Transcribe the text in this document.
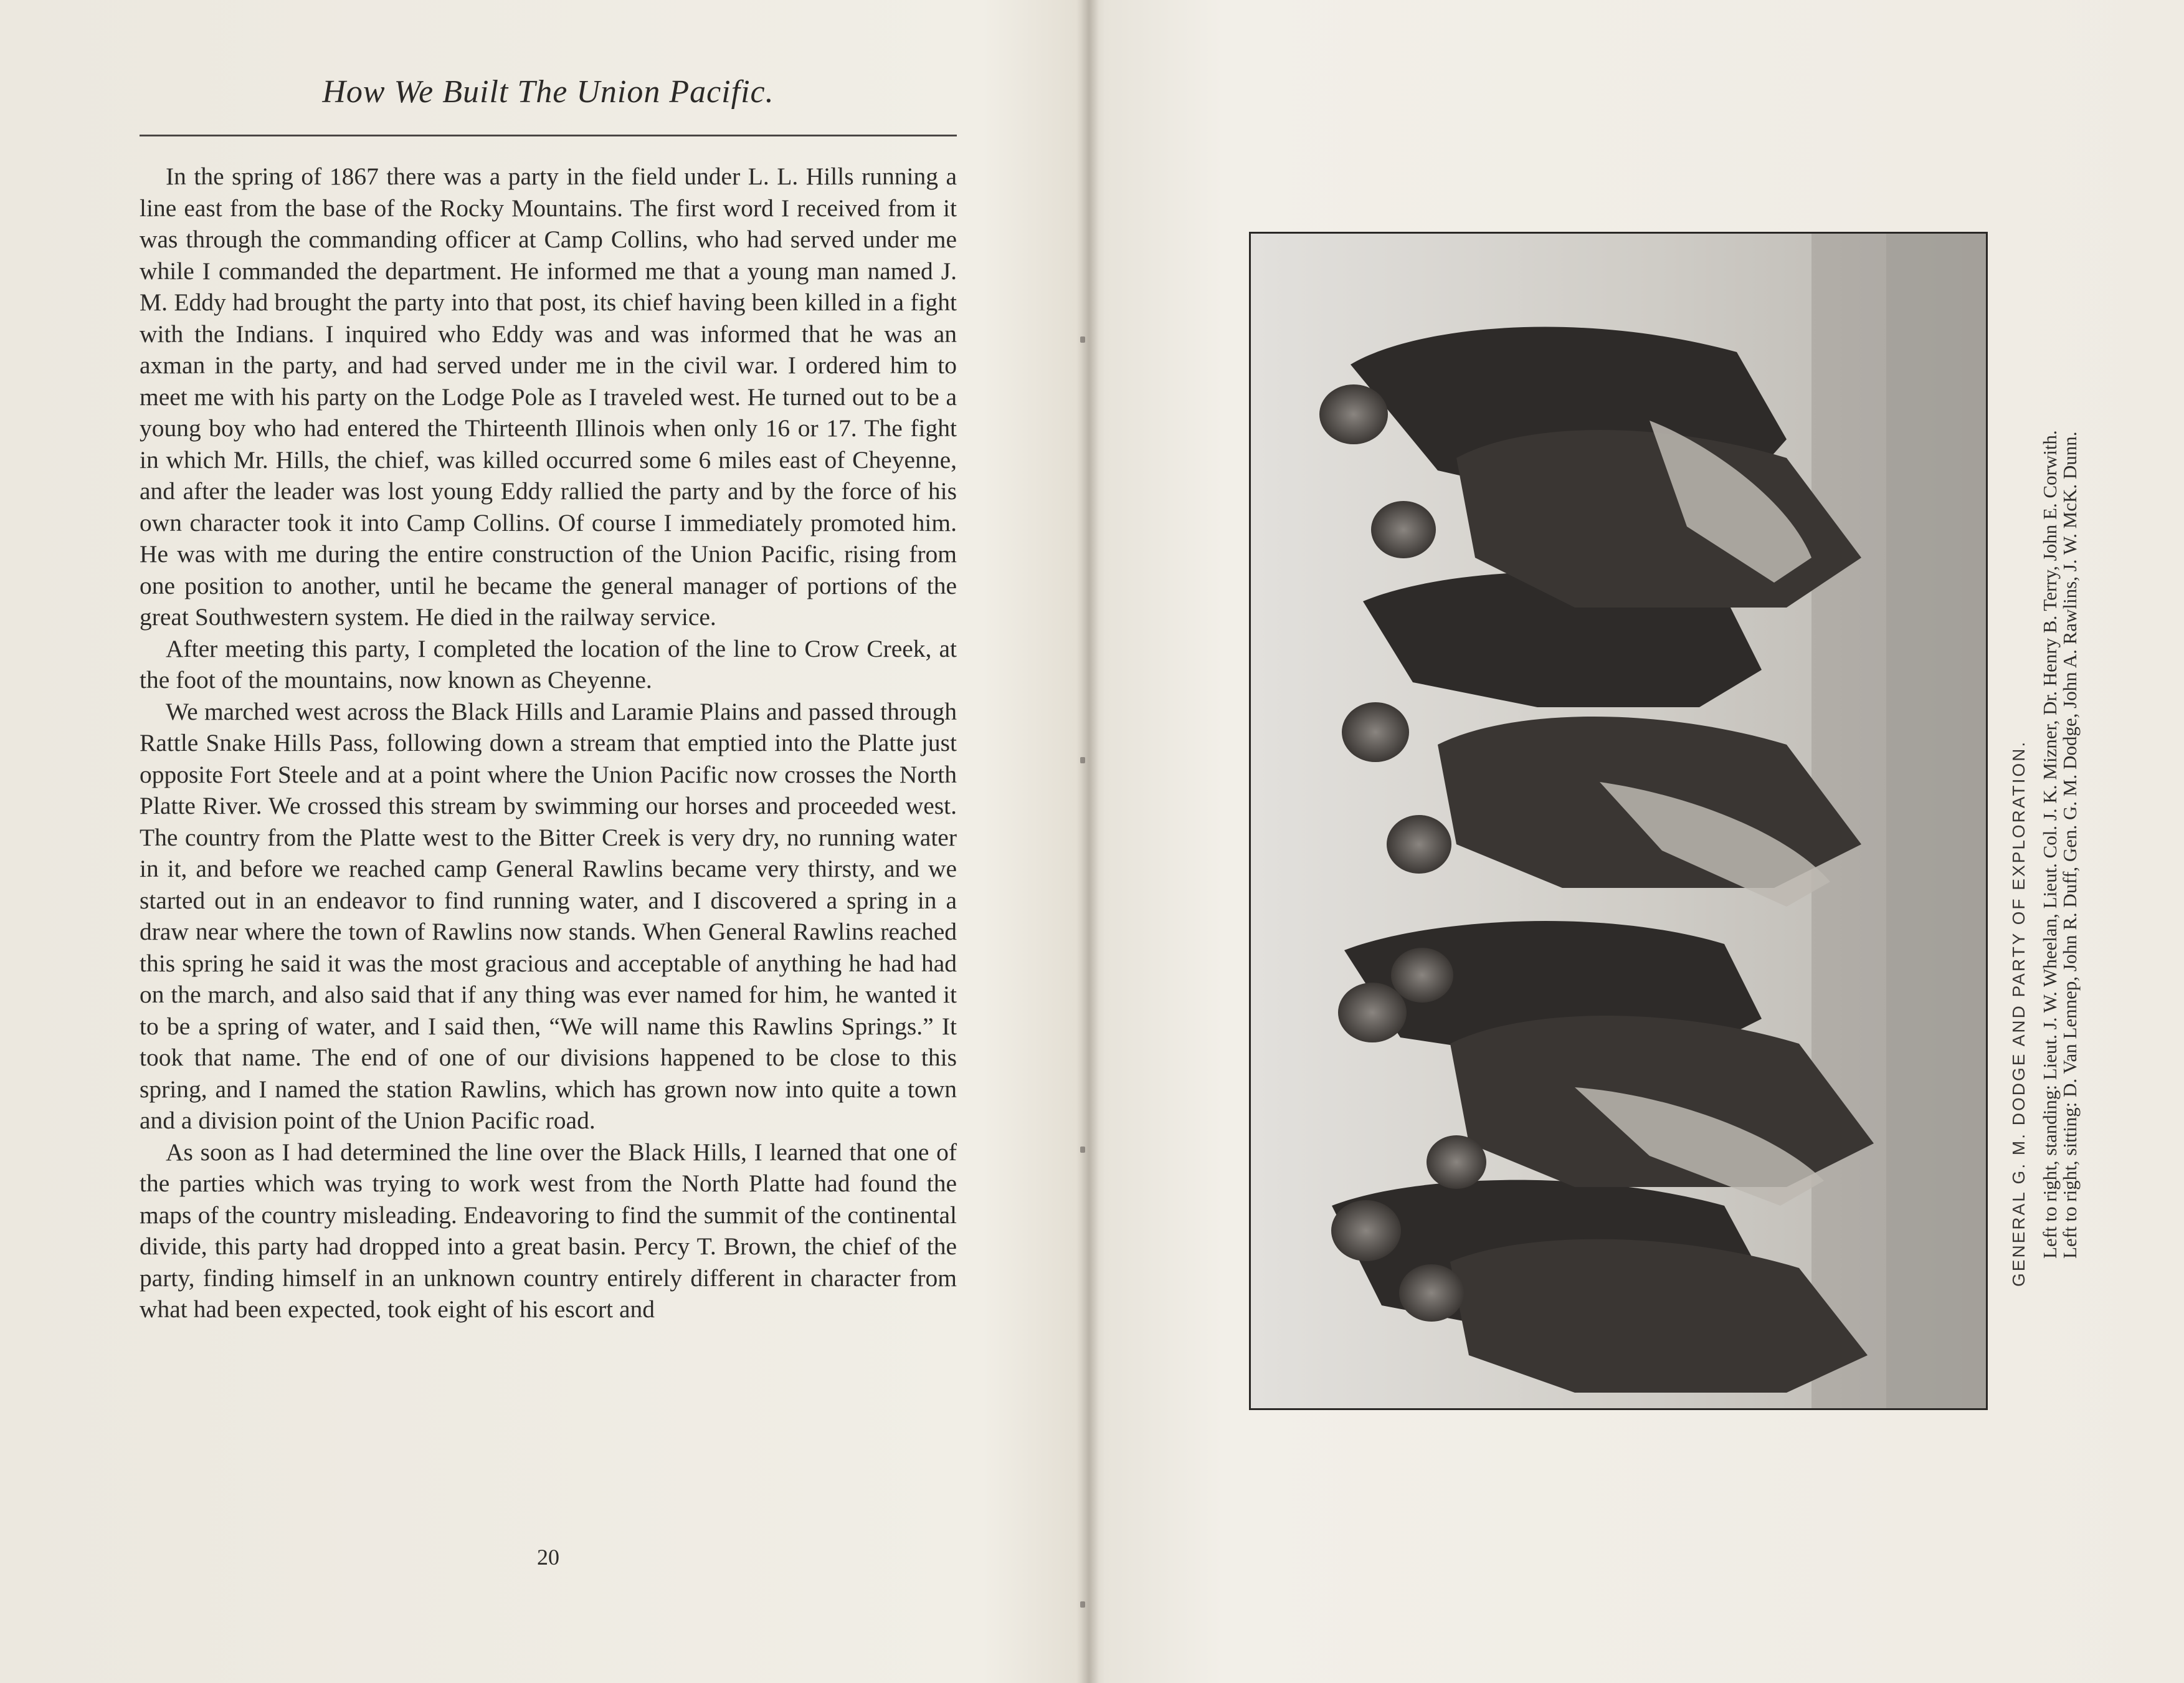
How We Built The Union Pacific.

In the spring of 1867 there was a party in the field under L. L. Hills running a line east from the base of the Rocky Mountains. The first word I received from it was through the commanding officer at Camp Collins, who had served under me while I commanded the department. He informed me that a young man named J. M. Eddy had brought the party into that post, its chief having been killed in a fight with the Indians. I inquired who Eddy was and was informed that he was an axman in the party, and had served under me in the civil war. I ordered him to meet me with his party on the Lodge Pole as I traveled west. He turned out to be a young boy who had entered the Thirteenth Illinois when only 16 or 17. The fight in which Mr. Hills, the chief, was killed occurred some 6 miles east of Cheyenne, and after the leader was lost young Eddy rallied the party and by the force of his own character took it into Camp Collins. Of course I immediately promoted him. He was with me during the entire construction of the Union Pacific, rising from one position to another, until he became the general manager of portions of the great Southwestern system. He died in the railway service.

After meeting this party, I completed the location of the line to Crow Creek, at the foot of the mountains, now known as Cheyenne.

We marched west across the Black Hills and Laramie Plains and passed through Rattle Snake Hills Pass, following down a stream that emptied into the Platte just opposite Fort Steele and at a point where the Union Pacific now crosses the North Platte River. We crossed this stream by swimming our horses and proceeded west. The country from the Platte west to the Bitter Creek is very dry, no running water in it, and before we reached camp General Rawlins became very thirsty, and we started out in an endeavor to find running water, and I discovered a spring in a draw near where the town of Rawlins now stands. When General Rawlins reached this spring he said it was the most gracious and acceptable of anything he had had on the march, and also said that if any thing was ever named for him, he wanted it to be a spring of water, and I said then, “We will name this Rawlins Springs.” It took that name. The end of one of our divisions happened to be close to this spring, and I named the station Rawlins, which has grown now into quite a town and a division point of the Union Pacific road.

As soon as I had determined the line over the Black Hills, I learned that one of the parties which was trying to work west from the North Platte had found the maps of the country misleading. Endeavoring to find the summit of the continental divide, this party had dropped into a great basin. Percy T. Brown, the chief of the party, finding himself in an unknown country entirely different in character from what had been expected, took eight of his escort and

20
GENERAL G. M. DODGE AND PARTY OF EXPLORATION. Left to right, standing: Lieut. J. W. Wheelan, Lieut. Col. J. K. Mizner, Dr. Henry B. Terry, John E. Corwith.
Left to right, sitting: D. Van Lennep, John R. Duff, Gen. G. M. Dodge, John A. Rawlins, J. W. McK. Dunn.
